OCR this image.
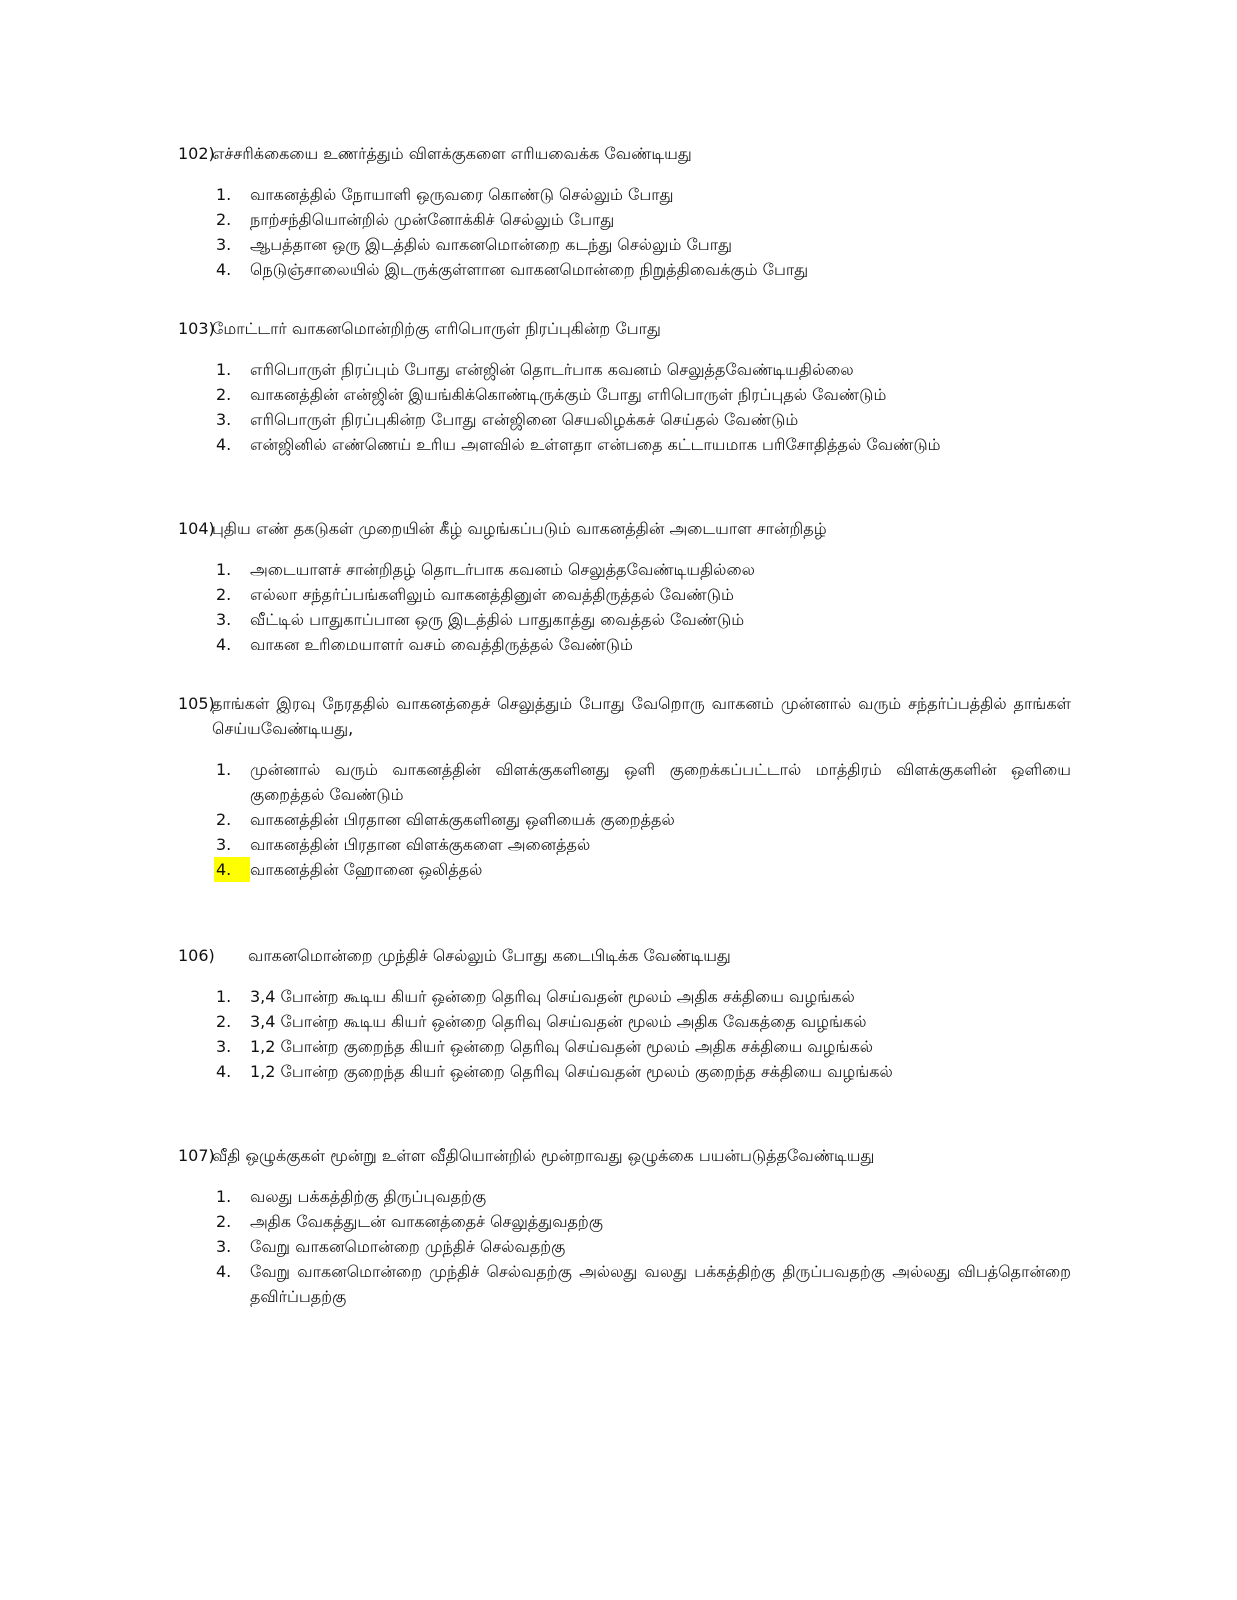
102)
எச்சரிக்கையை உணர்த்தும் விளக்குகளை எரியவைக்க வேண்டியது
1.	வாகனத்தில் நோயாளி ஒருவரை கொண்டு செல்லும் போது
2.	நாற்சந்தியொன்றில் முன்னோக்கிச் செல்லும் போது
3.	ஆபத்தான ஒரு இடத்தில் வாகனமொன்றை கடந்து செல்லும் போது
4.	நெடுஞ்சாலையில் இடருக்குள்ளான வாகனமொன்றை நிறுத்திவைக்கும் போது
103)
மோட்டார் வாகனமொன்றிற்கு எரிபொருள் நிரப்புகின்ற போது
1.	எரிபொருள் நிரப்பும் போது என்ஜின் தொடர்பாக கவனம் செலுத்தவேண்டியதில்லை
2.	வாகனத்தின் என்ஜின் இயங்கிக்கொண்டிருக்கும் போது எரிபொருள் நிரப்புதல் வேண்டும்
3.	எரிபொருள் நிரப்புகின்ற போது என்ஜினை செயலிழக்கச் செய்தல் வேண்டும்
4.	என்ஜினில் எண்ணெய் உரிய அளவில் உள்ளதா என்பதை கட்டாயமாக பரிசோதித்தல் வேண்டும்
104)
புதிய எண் தகடுகள் முறையின் கீழ் வழங்கப்படும் வாகனத்தின் அடையாள சான்றிதழ்
1.	அடையாளச் சான்றிதழ் தொடர்பாக கவனம் செலுத்தவேண்டியதில்லை
2.	எல்லா சந்தர்ப்பங்களிலும் வாகனத்தினுள் வைத்திருத்தல் வேண்டும்
3.	வீட்டில் பாதுகாப்பான ஒரு இடத்தில் பாதுகாத்து வைத்தல் வேண்டும்
4.	வாகன உரிமையாளர் வசம் வைத்திருத்தல் வேண்டும்
105)
தாங்கள் இரவு நேரததில் வாகனத்தைச் செலுத்தும் போது வேறொரு வாகனம் முன்னால் வரும் சந்தர்ப்பத்தில் தாங்கள் செய்யவேண்டியது,
1.	முன்னால் வரும் வாகனத்தின் விளக்குகளினது ஒளி குறைக்கப்பட்டால் மாத்திரம் விளக்குகளின் ஒளியை குறைத்தல் வேண்டும்
2.	வாகனத்தின் பிரதான விளக்குகளினது ஒளியைக் குறைத்தல்
3.	வாகனத்தின் பிரதான விளக்குகளை அனைத்தல்
4.	வாகனத்தின் ஹோனை ஒலித்தல்
106)	வாகனமொன்றை முந்திச் செல்லும் போது கடைபிடிக்க வேண்டியது
1.	3,4 போன்ற கூடிய கியர் ஒன்றை தெரிவு செய்வதன் மூலம் அதிக சக்தியை வழங்கல்
2.	3,4 போன்ற கூடிய கியர் ஒன்றை தெரிவு செய்வதன் மூலம் அதிக வேகத்தை வழங்கல்
3.	1,2 போன்ற குறைந்த கியர் ஒன்றை தெரிவு செய்வதன் மூலம் அதிக சக்தியை வழங்கல்
4.	1,2 போன்ற குறைந்த கியர் ஒன்றை தெரிவு செய்வதன் மூலம் குறைந்த சக்தியை வழங்கல்
107)
வீதி ஒழுக்குகள் மூன்று உள்ள வீதியொன்றில் மூன்றாவது ஒழுக்கை பயன்படுத்தவேண்டியது
1.	வலது பக்கத்திற்கு திருப்புவதற்கு
2.	அதிக வேகத்துடன் வாகனத்தைச் செலுத்துவதற்கு
3.	வேறு வாகனமொன்றை முந்திச் செல்வதற்கு
4.	வேறு வாகனமொன்றை முந்திச் செல்வதற்கு அல்லது வலது பக்கத்திற்கு திருப்பவதற்கு அல்லது விபத்தொன்றை தவிர்ப்பதற்கு
